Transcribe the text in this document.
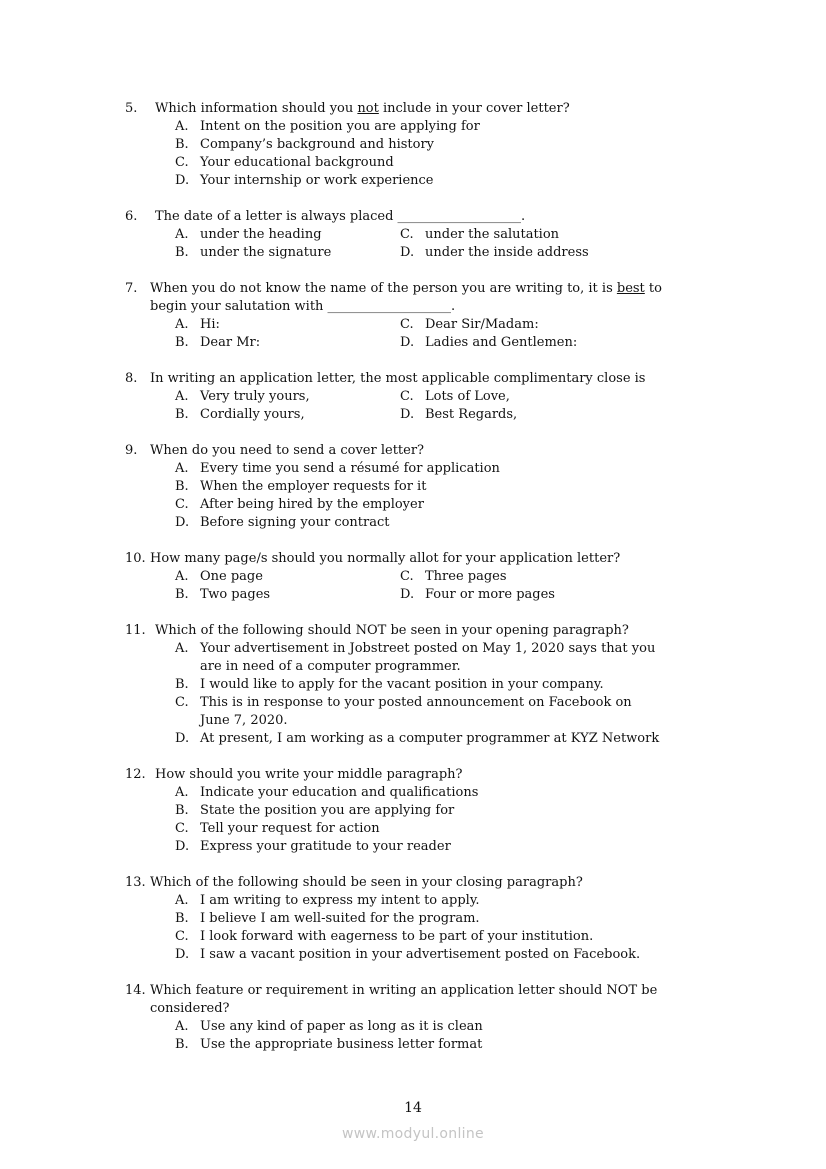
5.	Which information should you not include in your cover letter?
A. Intent on the position you are applying for
B. Company’s background and history
C. Your educational background
D. Your internship or work experience
6.	The date of a letter is always placed ___________________.
A. under the heading	C. under the salutation
B. under the signature	D. under the inside address
7. When you do not know the name of the person you are writing to, it is best to
begin your salutation with ___________________.
A. Hi:	C. Dear Sir/Madam:
B. Dear Mr:	D. Ladies and Gentlemen:
8. In writing an application letter, the most applicable complimentary close is
A. Very truly yours,	C. Lots of Love,
B. Cordially yours,	D. Best Regards,
9. When do you need to send a cover letter?
A. Every time you send a résumé for application
B. When the employer requests for it
C. After being hired by the employer
D. Before signing your contract
10. How many page/s should you normally allot for your application letter?
A. One page	C. Three pages
B. Two pages	D. Four or more pages
11. Which of the following should NOT be seen in your opening paragraph?
A. Your advertisement in Jobstreet posted on May 1, 2020 says that you
are in need of a computer programmer.
B. I would like to apply for the vacant position in your company.
C. This is in response to your posted announcement on Facebook on
June 7, 2020.
D. At present, I am working as a computer programmer at KYZ Network
12. How should you write your middle paragraph?
A. Indicate your education and qualifications
B. State the position you are applying for
C. Tell your request for action
D. Express your gratitude to your reader
13. Which of the following should be seen in your closing paragraph?
A. I am writing to express my intent to apply.
B. I believe I am well-suited for the program.
C. I look forward with eagerness to be part of your institution.
D. I saw a vacant position in your advertisement posted on Facebook.
14. Which feature or requirement in writing an application letter should NOT be
considered?
A. Use any kind of paper as long as it is clean
B. Use the appropriate business letter format
14
www.modyul.online
